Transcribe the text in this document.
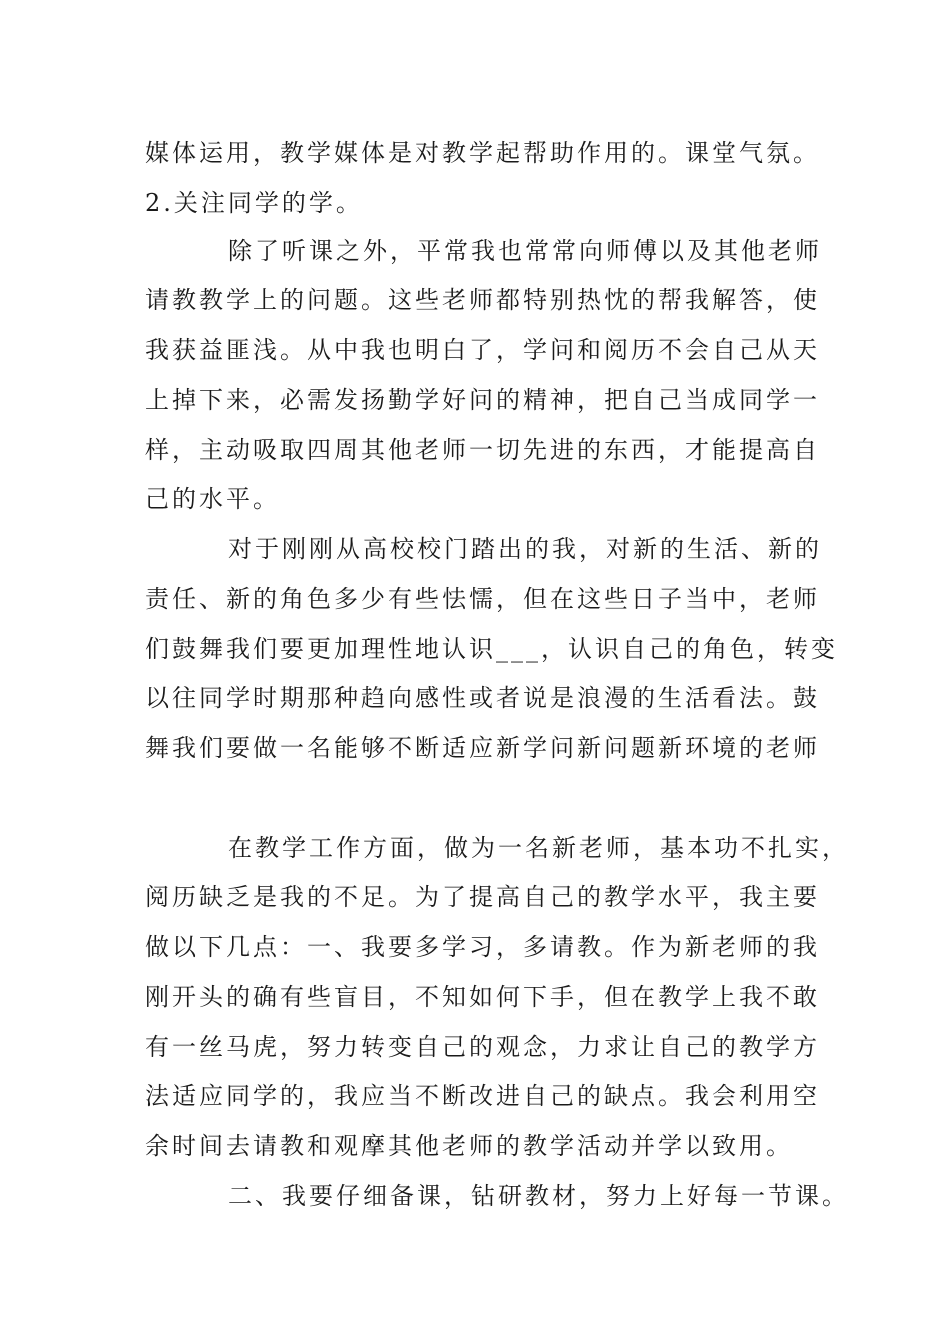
媒体运用，教学媒体是对教学起帮助作用的。课堂气氛。

2.关注同学的学。

除了听课之外，平常我也常常向师傅以及其他老师

请教教学上的问题。这些老师都特别热忱的帮我解答，使

我获益匪浅。从中我也明白了，学问和阅历不会自己从天

上掉下来，必需发扬勤学好问的精神，把自己当成同学一

样，主动吸取四周其他老师一切先进的东西，才能提高自

己的水平。

对于刚刚从高校校门踏出的我，对新的生活、新的

责任、新的角色多少有些怯懦，但在这些日子当中，老师

们鼓舞我们要更加理性地认识___，认识自己的角色，转变

以往同学时期那种趋向感性或者说是浪漫的生活看法。鼓

舞我们要做一名能够不断适应新学问新问题新环境的老师

在教学工作方面，做为一名新老师，基本功不扎实，

阅历缺乏是我的不足。为了提高自己的教学水平，我主要

做以下几点：一、我要多学习，多请教。作为新老师的我

刚开头的确有些盲目，不知如何下手，但在教学上我不敢

有一丝马虎，努力转变自己的观念，力求让自己的教学方

法适应同学的，我应当不断改进自己的缺点。我会利用空

余时间去请教和观摩其他老师的教学活动并学以致用。

二、我要仔细备课，钻研教材，努力上好每一节课。
